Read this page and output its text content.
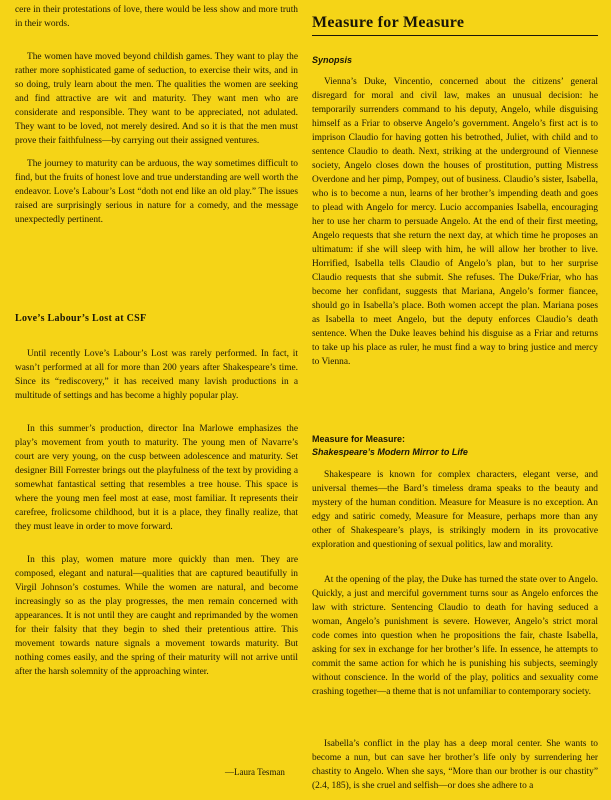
cere in their protestations of love, there would be less show and more truth in their words.

The women have moved beyond childish games. They want to play the rather more sophisticated game of seduction, to exercise their wits, and in so doing, truly learn about the men. The qualities the women are seeking and find attractive are wit and maturity. They want men who are considerate and responsible. They want to be appreciated, not adulated. They want to be loved, not merely desired. And so it is that the men must prove their faithfulness—by carrying out their assigned ventures.

The journey to maturity can be arduous, the way sometimes difficult to find, but the fruits of honest love and true understanding are well worth the endeavor. Love’s Labour’s Lost “doth not end like an old play.” The issues raised are surprisingly serious in nature for a comedy, and the message unexpectedly pertinent.

Love’s Labour’s Lost at CSF

Until recently Love’s Labour’s Lost was rarely performed. In fact, it wasn’t performed at all for more than 200 years after Shakespeare’s time. Since its “rediscovery,” it has received many lavish productions in a multitude of settings and has become a highly popular play.

In this summer’s production, director Ina Marlowe emphasizes the play’s movement from youth to maturity. The young men of Navarre’s court are very young, on the cusp between adolescence and maturity. Set designer Bill Forrester brings out the playfulness of the text by providing a somewhat fantastical setting that resembles a tree house. This space is where the young men feel most at ease, most familiar. It represents their carefree, frolicsome childhood, but it is a place, they finally realize, that they must leave in order to move forward.

In this play, women mature more quickly than men. They are composed, elegant and natural—qualities that are captured beautifully in Virgil Johnson’s costumes. While the women are natural, and become increasingly so as the play progresses, the men remain concerned with appearances. It is not until they are caught and reprimanded by the women for their falsity that they begin to shed their pretentious attire. This movement towards nature signals a movement towards maturity. But nothing comes easily, and the spring of their maturity will not arrive until after the harsh solemnity of the approaching winter.

—Laura Tesman
Measure for Measure
Synopsis

Vienna’s Duke, Vincentio, concerned about the citizens’ general disregard for moral and civil law, makes an unusual decision: he temporarily surrenders command to his deputy, Angelo, while disguising himself as a Friar to observe Angelo’s government. Angelo’s first act is to imprison Claudio for having gotten his betrothed, Juliet, with child and to sentence Claudio to death. Next, striking at the underground of Viennese society, Angelo closes down the houses of prostitution, putting Mistress Overdone and her pimp, Pompey, out of business. Claudio’s sister, Isabella, who is to become a nun, learns of her brother’s impending death and goes to plead with Angelo for mercy. Lucio accompanies Isabella, encouraging her to use her charm to persuade Angelo. At the end of their first meeting, Angelo requests that she return the next day, at which time he proposes an ultimatum: if she will sleep with him, he will allow her brother to live. Horrified, Isabella tells Claudio of Angelo’s plan, but to her surprise Claudio requests that she submit. She refuses. The Duke/Friar, who has become her confidant, suggests that Mariana, Angelo’s former fiancee, should go in Isabella’s place. Both women accept the plan. Mariana poses as Isabella to meet Angelo, but the deputy enforces Claudio’s death sentence. When the Duke leaves behind his disguise as a Friar and returns to take up his place as ruler, he must find a way to bring justice and mercy to Vienna.

Measure for Measure:
Shakespeare’s Modern Mirror to Life

Shakespeare is known for complex characters, elegant verse, and universal themes—the Bard’s timeless drama speaks to the beauty and mystery of the human condition. Measure for Measure is no exception. An edgy and satiric comedy, Measure for Measure, perhaps more than any other of Shakespeare’s plays, is strikingly modern in its provocative exploration and questioning of sexual politics, law and morality.

At the opening of the play, the Duke has turned the state over to Angelo. Quickly, a just and merciful government turns sour as Angelo enforces the law with stricture. Sentencing Claudio to death for having seduced a woman, Angelo’s punishment is severe. However, Angelo’s strict moral code comes into question when he propositions the fair, chaste Isabella, asking for sex in exchange for her brother’s life. In essence, he attempts to commit the same action for which he is punishing his subjects, seemingly without conscience. In the world of the play, politics and sexuality come crashing together—a theme that is not unfamiliar to contemporary society.

Isabella’s conflict in the play has a deep moral center. She wants to become a nun, but can save her brother’s life only by surrendering her chastity to Angelo. When she says, “More than our brother is our chastity” (2.4, 185), is she cruel and selfish—or does she adhere to a
